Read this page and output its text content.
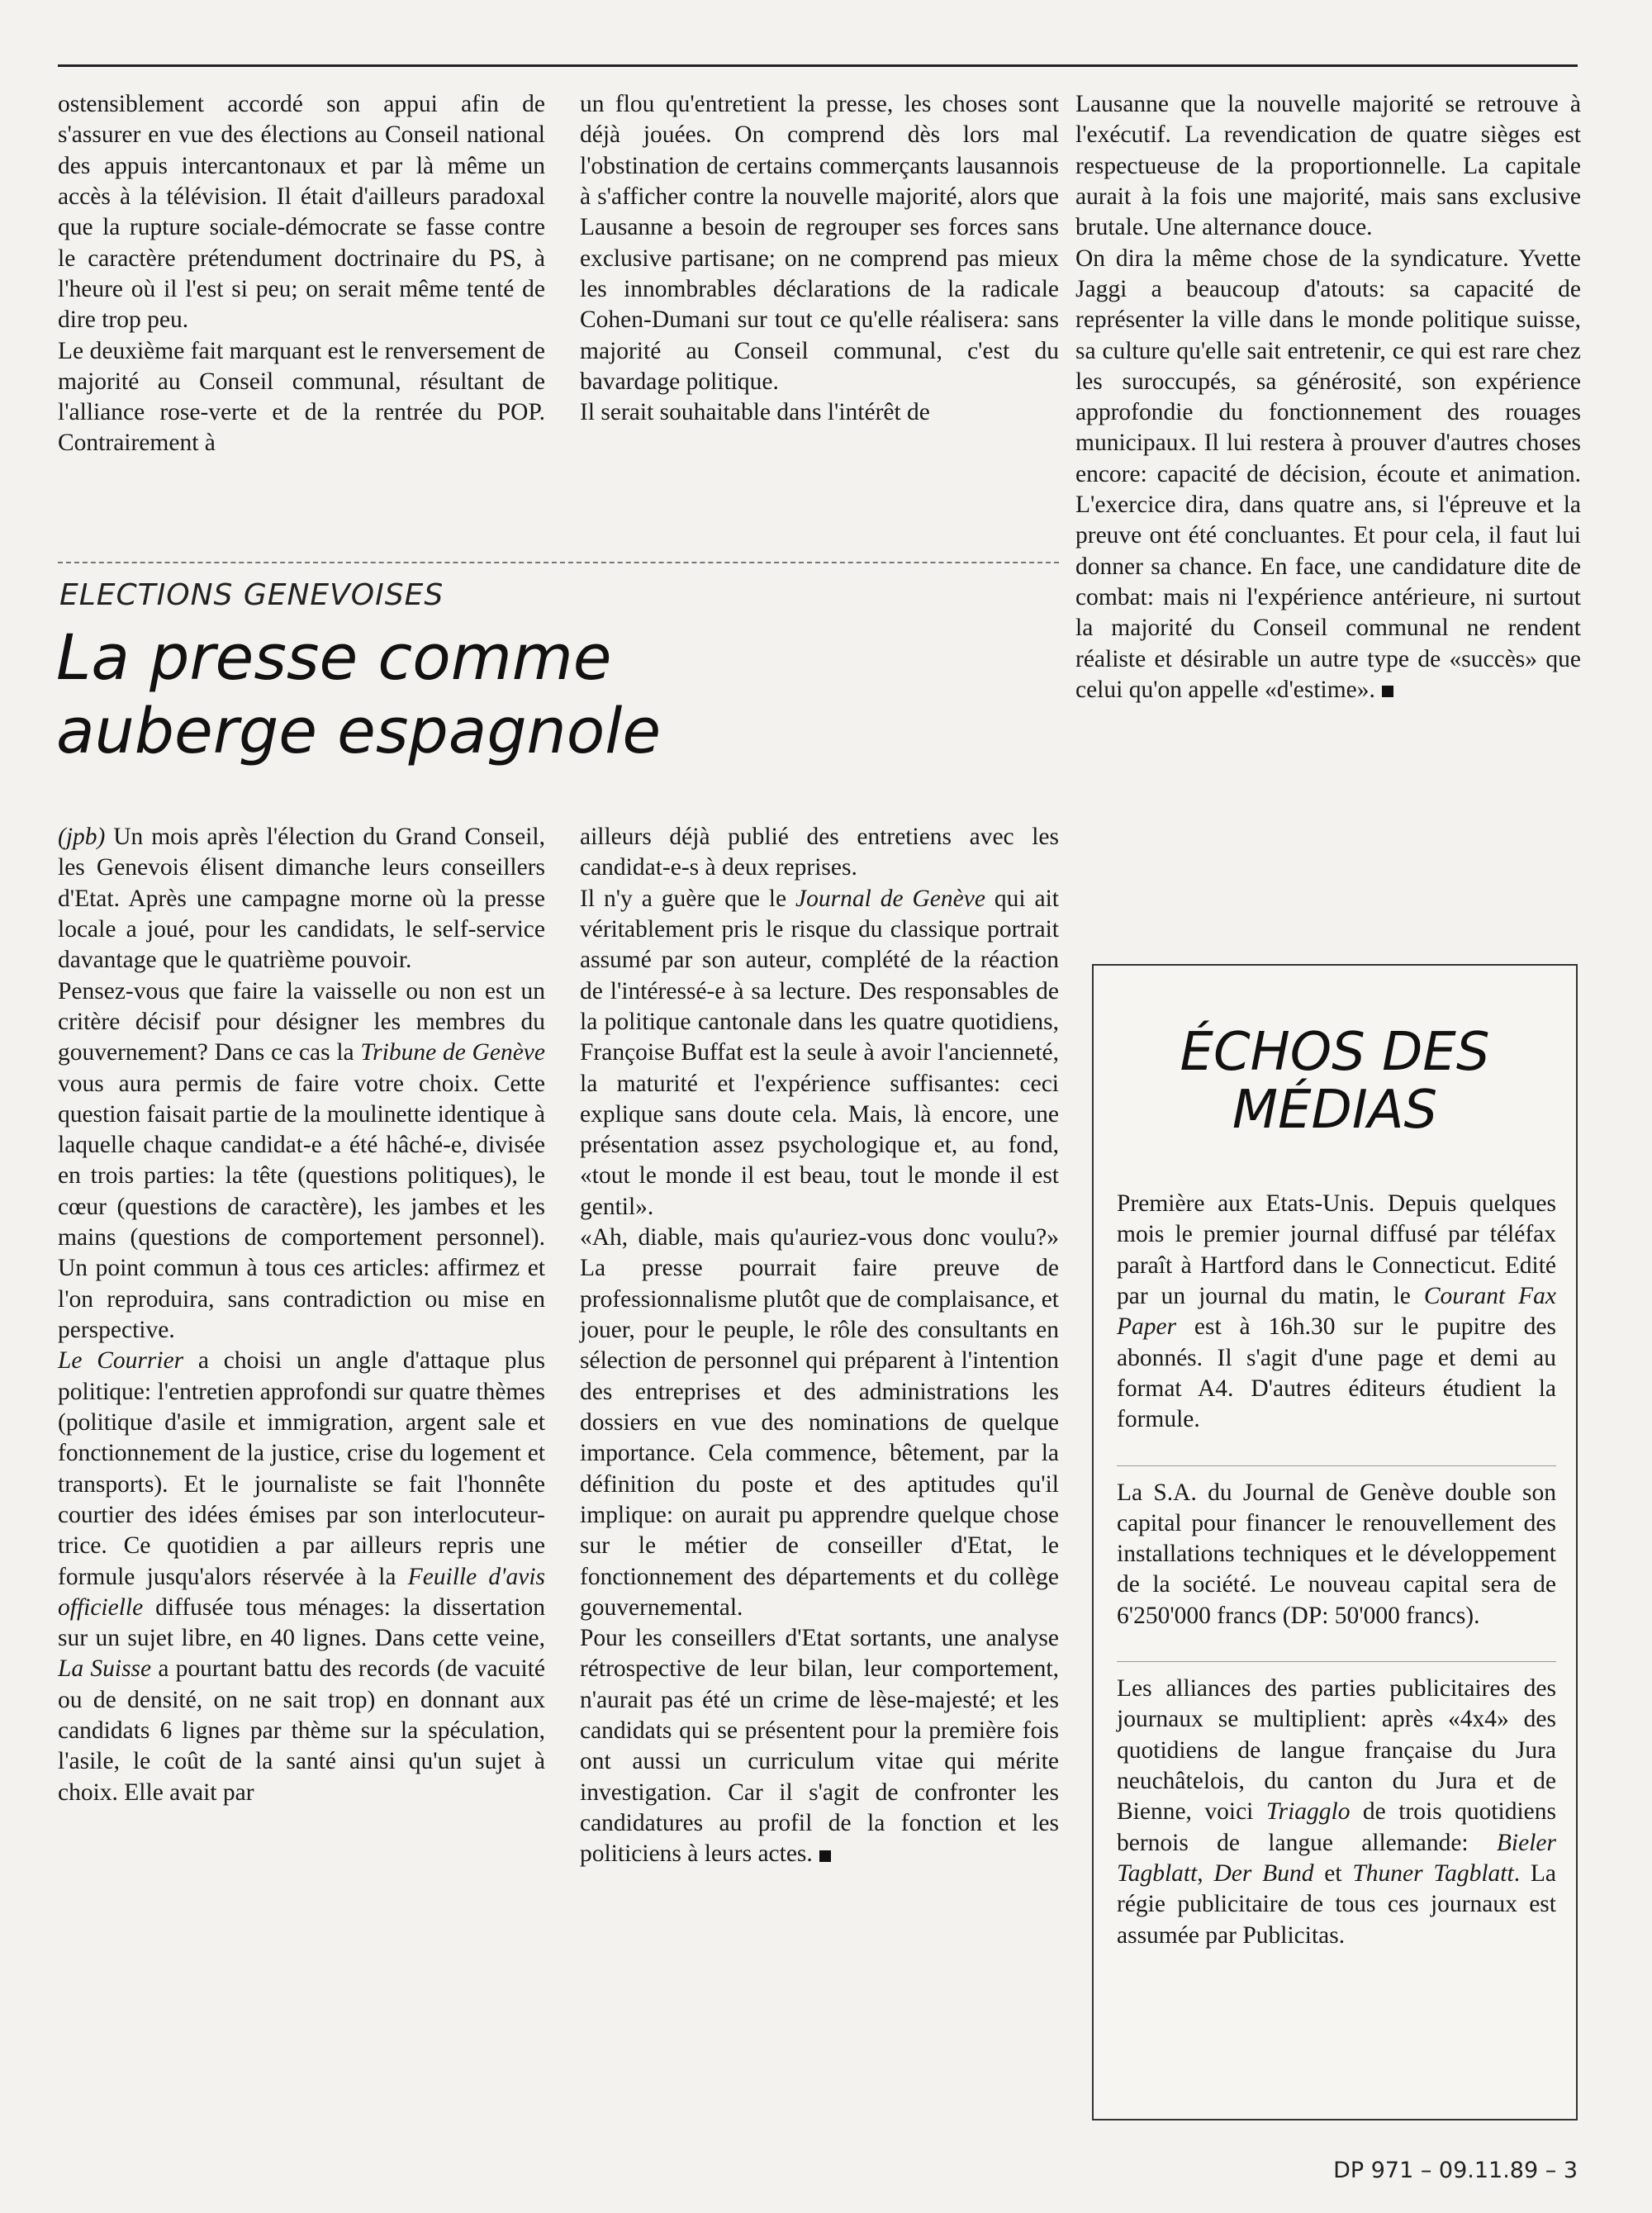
ostensiblement accordé son appui afin de s'assurer en vue des élections au Conseil national des appuis intercantonaux et par là même un accès à la télévision. Il était d'ailleurs paradoxal que la rupture sociale-démocrate se fasse contre le caractère prétendument doctrinaire du PS, à l'heure où il l'est si peu; on serait même tenté de dire trop peu.

Le deuxième fait marquant est le renversement de majorité au Conseil communal, résultant de l'alliance rose-verte et de la rentrée du POP. Contrairement à

un flou qu'entretient la presse, les choses sont déjà jouées. On comprend dès lors mal l'obstination de certains commerçants lausannois à s'afficher contre la nouvelle majorité, alors que Lausanne a besoin de regrouper ses forces sans exclusive partisane; on ne comprend pas mieux les innombrables déclarations de la radicale Cohen-Dumani sur tout ce qu'elle réalisera: sans majorité au Conseil communal, c'est du bavardage politique.

Il serait souhaitable dans l'intérêt de

Lausanne que la nouvelle majorité se retrouve à l'exécutif. La revendication de quatre sièges est respectueuse de la proportionnelle. La capitale aurait à la fois une majorité, mais sans exclusive brutale. Une alternance douce.

On dira la même chose de la syndicature. Yvette Jaggi a beaucoup d'atouts: sa capacité de représenter la ville dans le monde politique suisse, sa culture qu'elle sait entretenir, ce qui est rare chez les suroccupés, sa générosité, son expérience approfondie du fonctionnement des rouages municipaux. Il lui restera à prouver d'autres choses encore: capacité de décision, écoute et animation. L'exercice dira, dans quatre ans, si l'épreuve et la preuve ont été concluantes. Et pour cela, il faut lui donner sa chance. En face, une candidature dite de combat: mais ni l'expérience antérieure, ni surtout la majorité du Conseil communal ne rendent réaliste et désirable un autre type de «succès» que celui qu'on appelle «d'estime».

ELECTIONS GENEVOISES
La presse comme
auberge espagnole

(jpb) Un mois après l'élection du Grand Conseil, les Genevois élisent dimanche leurs conseillers d'Etat. Après une campagne morne où la presse locale a joué, pour les candidats, le self-service davantage que le quatrième pouvoir.

Pensez-vous que faire la vaisselle ou non est un critère décisif pour désigner les membres du gouvernement? Dans ce cas la Tribune de Genève vous aura permis de faire votre choix. Cette question faisait partie de la moulinette identique à laquelle chaque candidat-e a été hâché-e, divisée en trois parties: la tête (questions politiques), le cœur (questions de caractère), les jambes et les mains (questions de comportement personnel). Un point commun à tous ces articles: affirmez et l'on reproduira, sans contradiction ou mise en perspective.

Le Courrier a choisi un angle d'attaque plus politique: l'entretien approfondi sur quatre thèmes (politique d'asile et immigration, argent sale et fonctionnement de la justice, crise du logement et transports). Et le journaliste se fait l'honnête courtier des idées émises par son interlocuteur-trice. Ce quotidien a par ailleurs repris une formule jusqu'alors réservée à la Feuille d'avis officielle diffusée tous ménages: la dissertation sur un sujet libre, en 40 lignes. Dans cette veine, La Suisse a pourtant battu des records (de vacuité ou de densité, on ne sait trop) en donnant aux candidats 6 lignes par thème sur la spéculation, l'asile, le coût de la santé ainsi qu'un sujet à choix. Elle avait par

ailleurs déjà publié des entretiens avec les candidat-e-s à deux reprises.

Il n'y a guère que le Journal de Genève qui ait véritablement pris le risque du classique portrait assumé par son auteur, complété de la réaction de l'intéressé-e à sa lecture. Des responsables de la politique cantonale dans les quatre quotidiens, Françoise Buffat est la seule à avoir l'ancienneté, la maturité et l'expérience suffisantes: ceci explique sans doute cela. Mais, là encore, une présentation assez psychologique et, au fond, «tout le monde il est beau, tout le monde il est gentil».

«Ah, diable, mais qu'auriez-vous donc voulu?» La presse pourrait faire preuve de professionnalisme plutôt que de complaisance, et jouer, pour le peuple, le rôle des consultants en sélection de personnel qui préparent à l'intention des entreprises et des administrations les dossiers en vue des nominations de quelque importance. Cela commence, bêtement, par la définition du poste et des aptitudes qu'il implique: on aurait pu apprendre quelque chose sur le métier de conseiller d'Etat, le fonctionnement des départements et du collège gouvernemental.

Pour les conseillers d'Etat sortants, une analyse rétrospective de leur bilan, leur comportement, n'aurait pas été un crime de lèse-majesté; et les candidats qui se présentent pour la première fois ont aussi un curriculum vitae qui mérite investigation. Car il s'agit de confronter les candidatures au profil de la fonction et les politiciens à leurs actes.

ÉCHOS DES
MÉDIAS

Première aux Etats-Unis. Depuis quelques mois le premier journal diffusé par téléfax paraît à Hartford dans le Connecticut. Edité par un journal du matin, le Courant Fax Paper est à 16h.30 sur le pupitre des abonnés. Il s'agit d'une page et demi au format A4. D'autres éditeurs étudient la formule.

La S.A. du Journal de Genève double son capital pour financer le renouvellement des installations techniques et le développement de la société. Le nouveau capital sera de 6'250'000 francs (DP: 50'000 francs).

Les alliances des parties publicitaires des journaux se multiplient: après «4x4» des quotidiens de langue française du Jura neuchâtelois, du canton du Jura et de Bienne, voici Triagglo de trois quotidiens bernois de langue allemande: Bieler Tagblatt, Der Bund et Thuner Tagblatt. La régie publicitaire de tous ces journaux est assumée par Publicitas.

DP 971 – 09.11.89 – 3
